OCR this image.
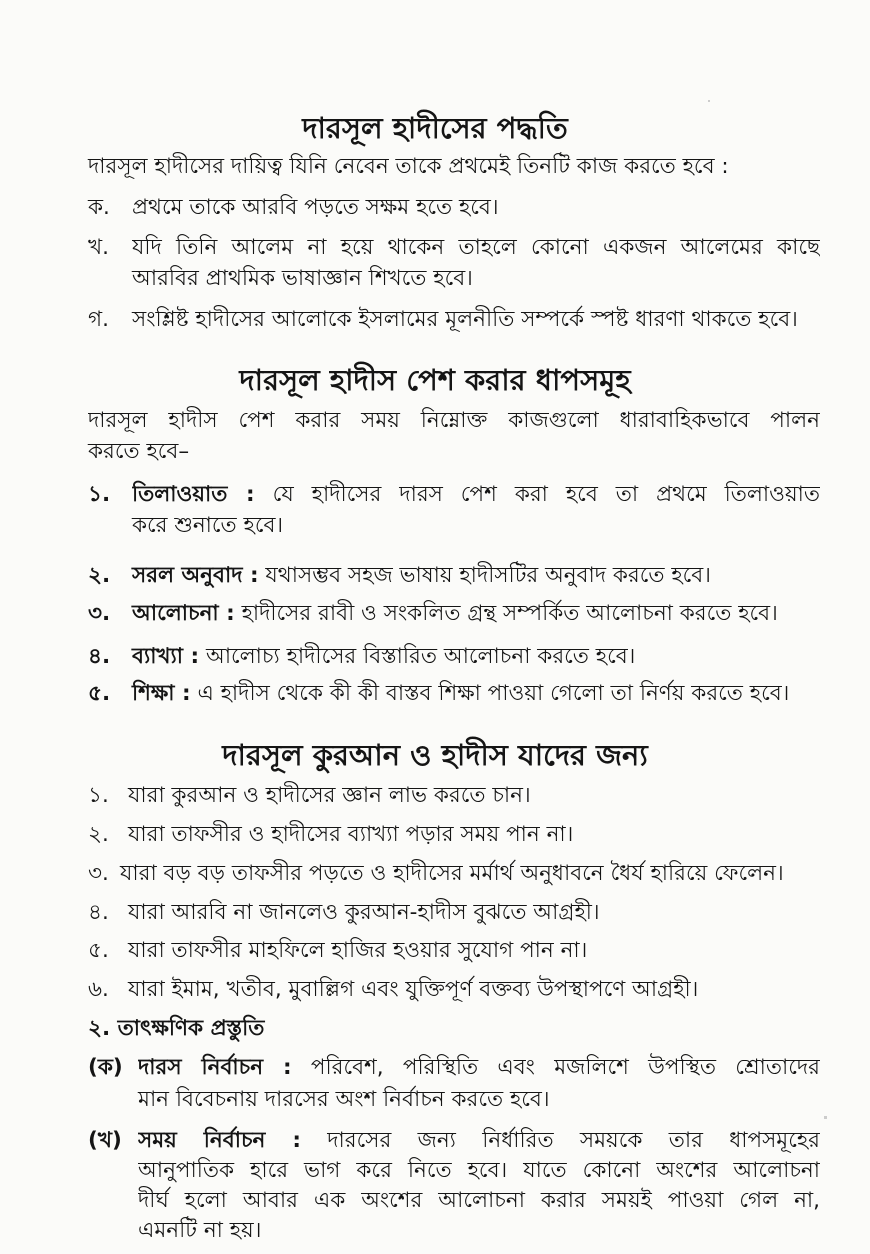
দারসূল হাদীসের পদ্ধতি
দারসূল হাদীসের দায়িত্ব যিনি নেবেন তাকে প্রথমেই তিনটি কাজ করতে হবে :
ক. প্রথমে তাকে আরবি পড়তে সক্ষম হতে হবে।
খ. যদি তিনি আলেম না হয়ে থাকেন তাহলে কোনো একজন আলেমের কাছে
আরবির প্রাথমিক ভাষাজ্ঞান শিখতে হবে।
গ. সংশ্লিষ্ট হাদীসের আলোকে ইসলামের মূলনীতি সম্পর্কে স্পষ্ট ধারণা থাকতে হবে।
দারসূল হাদীস পেশ করার ধাপসমূহ
দারসূল হাদীস পেশ করার সময় নিম্নোক্ত কাজগুলো ধারাবাহিকভাবে পালন
করতে হবে–
১. তিলাওয়াত : যে হাদীসের দারস পেশ করা হবে তা প্রথমে তিলাওয়াত
করে শুনাতে হবে।
২. সরল অনুবাদ : যথাসম্ভব সহজ ভাষায় হাদীসটির অনুবাদ করতে হবে।
৩. আলোচনা : হাদীসের রাবী ও সংকলিত গ্রন্থ সম্পর্কিত আলোচনা করতে হবে।
৪. ব্যাখ্যা : আলোচ্য হাদীসের বিস্তারিত আলোচনা করতে হবে।
৫. শিক্ষা : এ হাদীস থেকে কী কী বাস্তব শিক্ষা পাওয়া গেলো তা নির্ণয় করতে হবে।
দারসূল কুরআন ও হাদীস যাদের জন্য
১. যারা কুরআন ও হাদীসের জ্ঞান লাভ করতে চান।
২. যারা তাফসীর ও হাদীসের ব্যাখ্যা পড়ার সময় পান না।
৩. যারা বড় বড় তাফসীর পড়তে ও হাদীসের মর্মার্থ অনুধাবনে ধৈর্য হারিয়ে ফেলেন।
৪. যারা আরবি না জানলেও কুরআন-হাদীস বুঝতে আগ্রহী।
৫. যারা তাফসীর মাহফিলে হাজির হওয়ার সুযোগ পান না।
৬. যারা ইমাম, খতীব, মুবাল্লিগ এবং যুক্তিপূর্ণ বক্তব্য উপস্থাপণে আগ্রহী।
২. তাৎক্ষণিক প্রস্তুতি
(ক) দারস নির্বাচন : পরিবেশ, পরিস্থিতি এবং মজলিশে উপস্থিত শ্রোতাদের
মান বিবেচনায় দারসের অংশ নির্বাচন করতে হবে।
(খ) সময় নির্বাচন : দারসের জন্য নির্ধারিত সময়কে তার ধাপসমূহের
আনুপাতিক হারে ভাগ করে নিতে হবে। যাতে কোনো অংশের আলোচনা
দীর্ঘ হলো আবার এক অংশের আলোচনা করার সময়ই পাওয়া গেল না,
এমনটি না হয়।
